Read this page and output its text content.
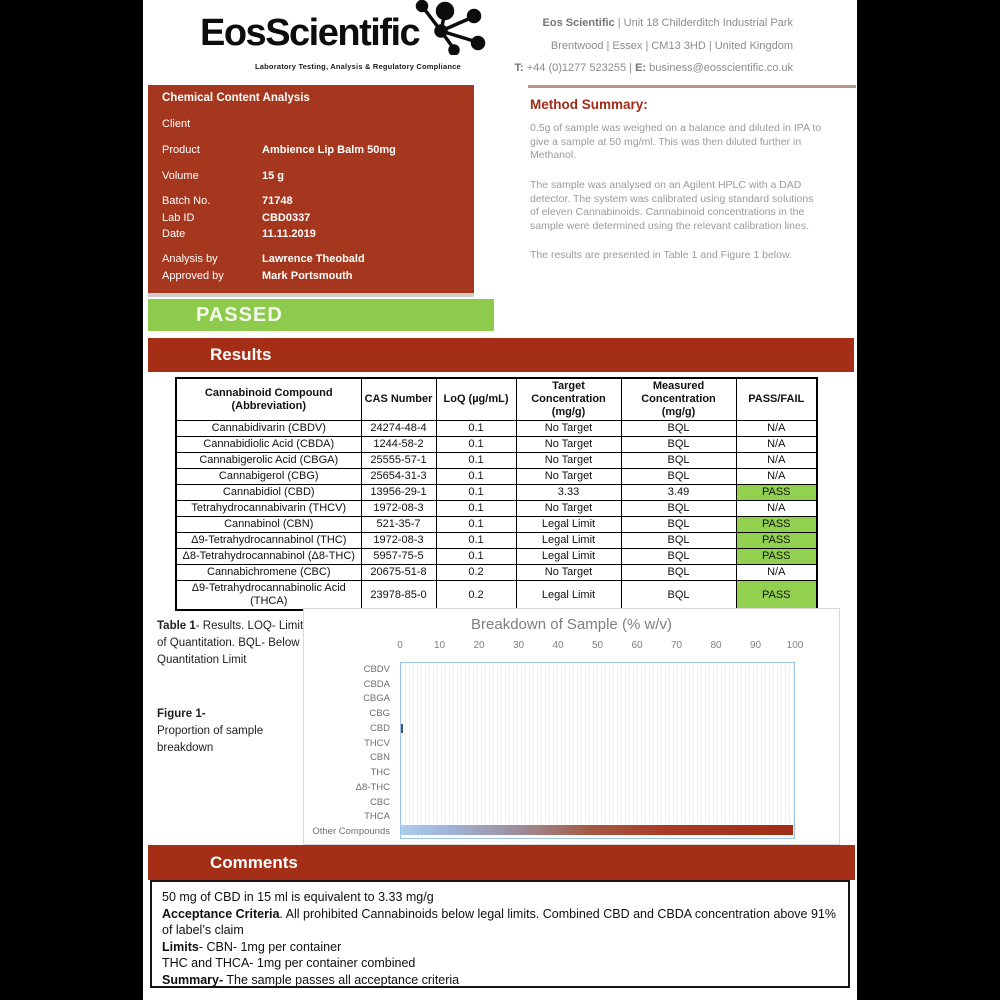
EosScientific
Laboratory Testing, Analysis & Regulatory Compliance
Eos Scientific | Unit 18 Childerditch Industrial Park
Brentwood | Essex | CM13 3HD | United Kingdom
T: +44 (0)1277 523255 | E: business@eosscientific.co.uk
Chemical Content Analysis
Client
Product	Ambience Lip Balm 50mg
Volume	15 g
Batch No.	71748
Lab ID	CBD0337
Date	11.11.2019
Analysis by	Lawrence Theobald
Approved by	Mark Portsmouth
Method Summary:

0.5g of sample was weighed on a balance and diluted in IPA to give a sample at 50 mg/ml. This was then diluted further in Methanol.

The sample was analysed on an Agilent HPLC with a DAD detector. The system was calibrated using standard solutions of eleven Cannabinoids. Cannabinoid concentrations in the sample were determined using the relevant calibration lines.

The results are presented in Table 1 and Figure 1 below.

PASSED
Results
Cannabinoid Compound (Abbreviation)	CAS Number	LoQ (µg/mL)	Target Concentration (mg/g)	Measured Concentration (mg/g)	PASS/FAIL
Cannabidivarin (CBDV)	24274-48-4	0.1	No Target	BQL	N/A
Cannabidiolic Acid (CBDA)	1244-58-2	0.1	No Target	BQL	N/A
Cannabigerolic Acid (CBGA)	25555-57-1	0.1	No Target	BQL	N/A
Cannabigerol (CBG)	25654-31-3	0.1	No Target	BQL	N/A
Cannabidiol (CBD)	13956-29-1	0.1	3.33	3.49	PASS
Tetrahydrocannabivarin (THCV)	1972-08-3	0.1	No Target	BQL	N/A
Cannabinol (CBN)	521-35-7	0.1	Legal Limit	BQL	PASS
Δ9-Tetrahydrocannabinol (THC)	1972-08-3	0.1	Legal Limit	BQL	PASS
Δ8-Tetrahydrocannabinol (Δ8-THC)	5957-75-5	0.1	Legal Limit	BQL	PASS
Cannabichromene (CBC)	20675-51-8	0.2	No Target	BQL	N/A
Δ9-Tetrahydrocannabinolic Acid (THCA)	23978-85-0	0.2	Legal Limit	BQL	PASS
Table 1- Results. LOQ- Limit of Quantitation. BQL- Below Quantitation Limit
Figure 1-
Proportion of sample breakdown
Breakdown of Sample (% w/v)
0	10	20	30	40	50	60	70	80	90	100
CBDV
CBDA
CBGA
CBG
CBD
THCV
CBN
THC
Δ8-THC
CBC
THCA
Other Compounds
Comments
50 mg of CBD in 15 ml is equivalent to 3.33 mg/g
Acceptance Criteria. All prohibited Cannabinoids below legal limits. Combined CBD and CBDA concentration above 91% of label’s claim
Limits- CBN- 1mg per container
THC and THCA- 1mg per container combined
Summary- The sample passes all acceptance criteria
